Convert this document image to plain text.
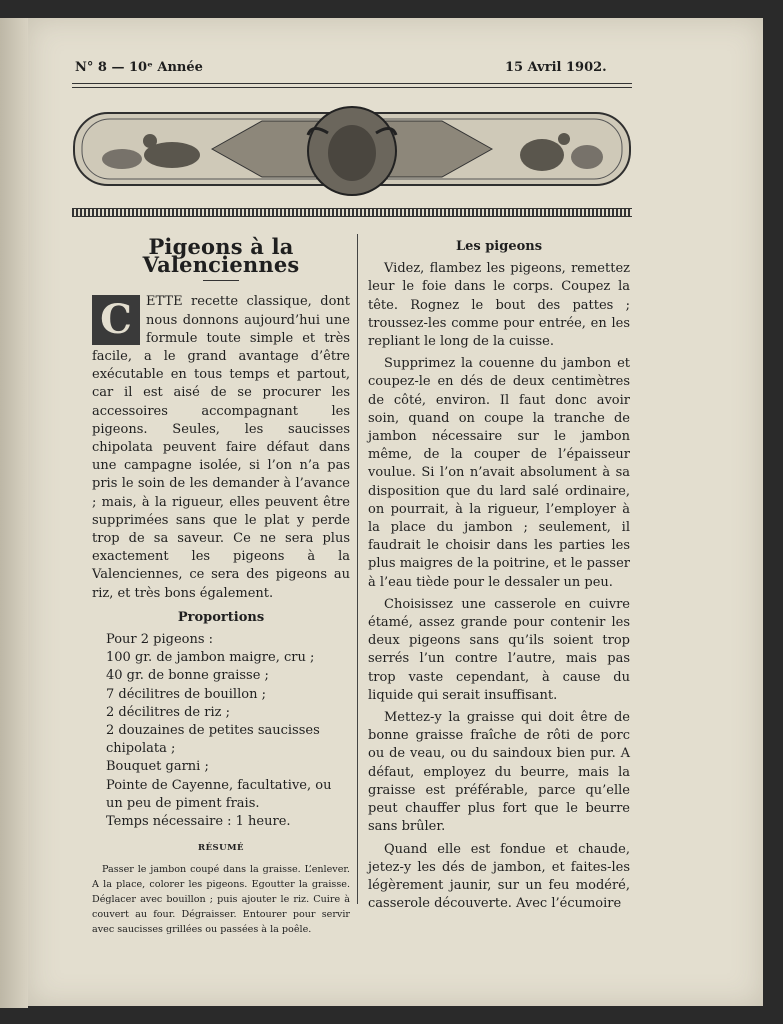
N° 8 — 10ᵉ Année	15 Avril 1902.
Pigeons à la Valenciennes
C	ETTE recette classique, dont nous donnons aujourd’hui une formule toute simple et très facile, a le grand avantage d’être exécutable en tous temps et partout, car il est aisé de se procurer les accessoires accompagnant les pigeons. Seules, les saucisses chipolata peuvent faire défaut dans une campagne isolée, si l’on n’a pas pris le soin de les demander à l’avance ; mais, à la rigueur, elles peuvent être supprimées sans que le plat y perde trop de sa saveur. Ce ne sera plus exactement les pigeons à la Valenciennes, ce sera des pigeons au riz, et très bons également.

Proportions
Pour 2 pigeons :
100 gr. de jambon maigre, cru ;
40 gr. de bonne graisse ;
7 décilitres de bouillon ;
2 décilitres de riz ;
2 douzaines de petites saucisses chipolata ;
Bouquet garni ;
Pointe de Cayenne, facultative, ou un peu de piment frais.
Temps nécessaire : 1 heure.
RÉSUMÉ

Passer le jambon coupé dans la graisse. L’enlever. A la place, colorer les pigeons. Egoutter la graisse. Déglacer avec bouillon ; puis ajouter le riz. Cuire à couvert au four. Dégraisser. Entourer pour servir avec saucisses grillées ou passées à la poêle.

Les pigeons

Videz, flambez les pigeons, remettez leur le foie dans le corps. Coupez la tête. Rognez le bout des pattes ; troussez-les comme pour entrée, en les repliant le long de la cuisse.

Supprimez la couenne du jambon et coupez-le en dés de deux centimètres de côté, environ. Il faut donc avoir soin, quand on coupe la tranche de jambon nécessaire sur le jambon même, de la couper de l’épaisseur voulue. Si l’on n’avait absolument à sa disposition que du lard salé ordinaire, on pourrait, à la rigueur, l’employer à la place du jambon ; seulement, il faudrait le choisir dans les parties les plus maigres de la poitrine, et le passer à l’eau tiède pour le dessaler un peu.

Choisissez une casserole en cuivre étamé, assez grande pour contenir les deux pigeons sans qu’ils soient trop serrés l’un contre l’autre, mais pas trop vaste cependant, à cause du liquide qui serait insuffisant.

Mettez-y la graisse qui doit être de bonne graisse fraîche de rôti de porc ou de veau, ou du saindoux bien pur. A défaut, employez du beurre, mais la graisse est préférable, parce qu’elle peut chauffer plus fort que le beurre sans brûler.

Quand elle est fondue et chaude, jetez-y les dés de jambon, et faites-les légèrement jaunir, sur un feu modéré, casserole découverte. Avec l’écumoire
